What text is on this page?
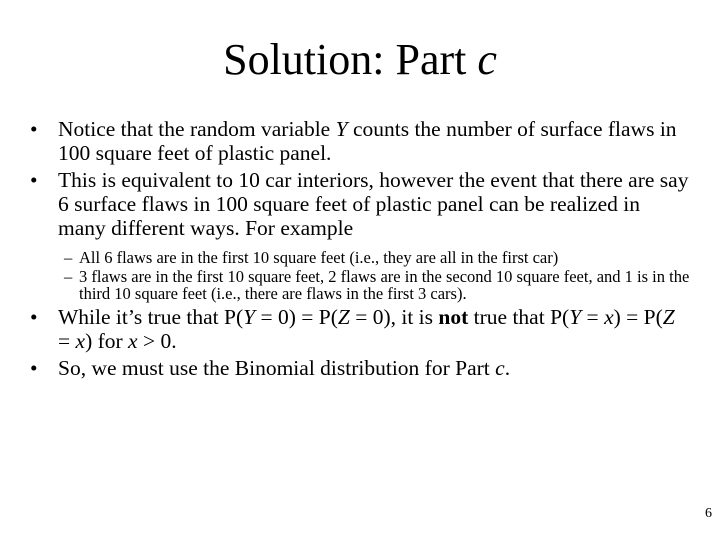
Solution: Part c
• Notice that the random variable Y counts the number of surface flaws in 100 square feet of plastic panel.
• This is equivalent to 10 car interiors, however the event that there are say 6 surface flaws in 100 square feet of plastic panel can be realized in many different ways. For example
– All 6 flaws are in the first 10 square feet (i.e., they are all in the first car)
– 3 flaws are in the first 10 square feet, 2 flaws are in the second 10 square feet, and 1 is in the third 10 square feet (i.e., there are flaws in the first 3 cars).
• While it’s true that P(Y = 0) = P(Z = 0), it is not true that P(Y = x) = P(Z = x) for x > 0.
• So, we must use the Binomial distribution for Part c.
6
